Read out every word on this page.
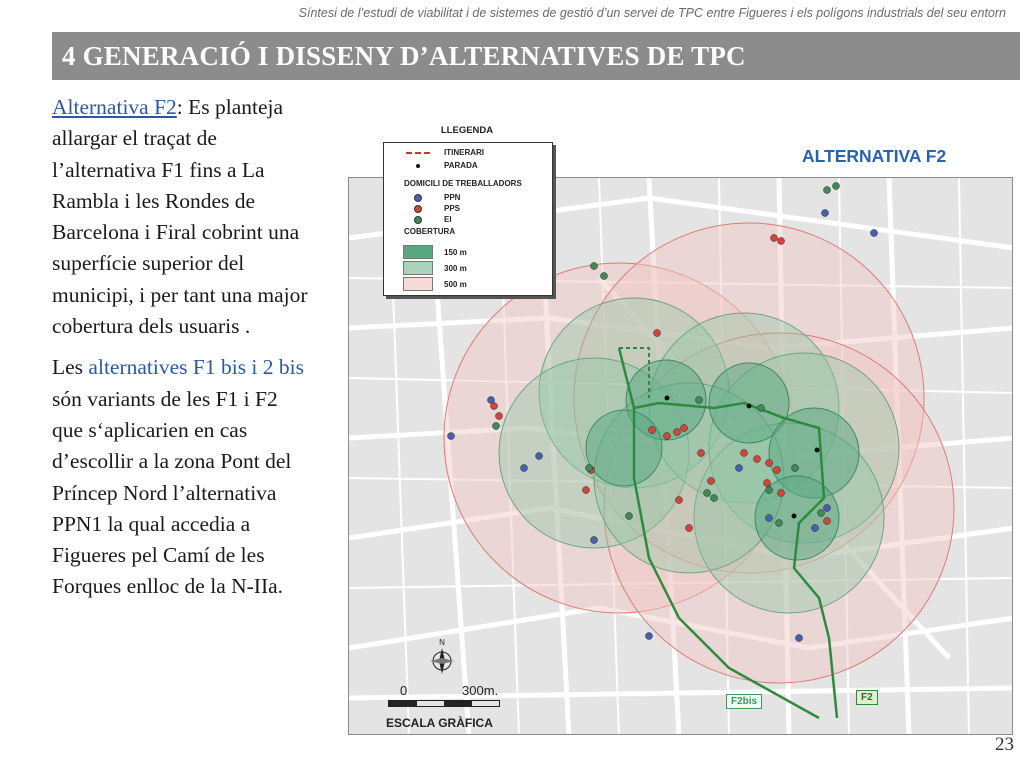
Síntesi de l’estudi de viabilitat i de sistemes de gestió d’un servei de TPC entre Figueres i els polígons industrials del seu entorn
4 GENERACIÓ I DISSENY D’ALTERNATIVES DE TPC

Alternativa F2: Es planteja allargar el traçat de l’alternativa F1 fins a La Rambla i les Rondes de Barcelona i Firal cobrint una superfície superior del municipi, i per tant una major cobertura dels usuaris .

Les alternatives F1 bis i 2 bis són variants de les F1 i F2 que s‘aplicarien en cas d’escollir a la zona Pont del Príncep Nord l’alternativa PPN1 la qual accedia a Figueres pel Camí de les Forques enlloc de la N-IIa.

ALTERNATIVA F2
LLEGENDA
ITINERARI
PARADA
DOMICILI DE TREBALLADORS
PPN
PPS
EI
COBERTURA
150 m
300 m
500 m
N
0	300m.
ESCALA GRÀFICA
F2bis	F2
23
